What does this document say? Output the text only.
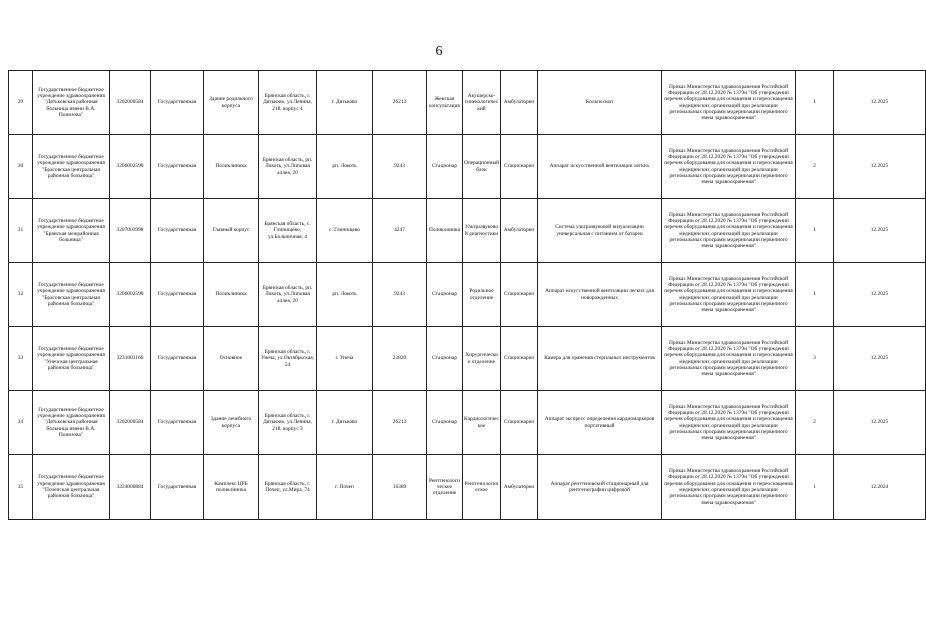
6
29	Государственное бюджетное учреждение здравоохранения "Дятьковская районная больница имени В.А. Понизова"	3202000584	Государственная	Здание родильного корпуса	Брянская область, г. Дятьково, ул.Ленина, 218, корпус 4	г. Дятьково	26213	Женская консультация	Акушерско-гинекологический	Амбулаторно	Кольпоскоп	Приказ Министерства здравоохранения Российской Федерации от 28.12.2020 № 1379н "Об утверждении перечня оборудования для оснащения и переоснащения медицинских организаций при реализации региональных программ модернизации первичного звена здравоохранения"	1	12.2025
30	Государственное бюджетное учреждение здравоохранения "Брасовская центральная районная больница"	3206002590	Государственная	Поликлиника	Брянская область, рп. Локоть, ул.Липовая аллея, 20	рп. Локоть	9243	Стационар	Операционный блок	Стационарно	Аппарат искусственной вентиляции легких	Приказ Министерства здравоохранения Российской Федерации от 28.12.2020 № 1379н "Об утверждении перечня оборудования для оснащения и переоснащения медицинских организаций при реализации региональных программ модернизации первичного звена здравоохранения"	2	12.2025
31	Государственное бюджетное учреждение здравоохранения "Брянская межрайонная больница"	3207003998	Государственная	Главный корпус	Брянская область, с. Глинищево, ул.Больничная, 4	с. Глинищево	4247	Поликлиника	Ультразвуковой диагностики	Амбулаторно	Система ультразвуковой визуализации универсальная с питанием от батареи	Приказ Министерства здравоохранения Российской Федерации от 28.12.2020 № 1379н "Об утверждении перечня оборудования для оснащения и переоснащения медицинских организаций при реализации региональных программ модернизации первичного звена здравоохранения"	1	12.2025
32	Государственное бюджетное учреждение здравоохранения "Брасовская центральная районная больница"	3206002590	Государственная	Поликлиника	Брянская область, рп. Локоть, ул.Липовая аллея, 20	рп. Локоть	9243	Стационар	Родильное отделение	Стационарно	Аппарат искусственной вентиляции легких для новорожденных	Приказ Министерства здравоохранения Российской Федерации от 28.12.2020 № 1379н "Об утверждении перечня оборудования для оснащения и переоснащения медицинских организаций при реализации региональных программ модернизации первичного звена здравоохранения"	1	12.2025
33	Государственное бюджетное учреждение здравоохранения "Унечская центральная районная больница"	3231001166	Государственная	Основное	Брянская область, г. Унеча, ул.Октябрьская, 54	г. Унеча	22820	Стационар	Хирургическое отделение	Стационарно	Камера для хранения стерильных инструментов	Приказ Министерства здравоохранения Российской Федерации от 28.12.2020 № 1379н "Об утверждении перечня оборудования для оснащения и переоснащения медицинских организаций при реализации региональных программ модернизации первичного звена здравоохранения"	3	12.2025
34	Государственное бюджетное учреждение здравоохранения "Дятьковская районная больница имени В.А. Понизова"	3202000584	Государственная	Здание лечебного корпуса	Брянская область, г. Дятьково, ул.Ленина, 218, корпус 3	г. Дятьково	26213	Стационар	Кардиологическое	Стационарно	Аппарат экспресс определения кардиомаркеров портативный	Приказ Министерства здравоохранения Российской Федерации от 28.12.2020 № 1379н "Об утверждении перечня оборудования для оснащения и переоснащения медицинских организаций при реализации региональных программ модернизации первичного звена здравоохранения"	2	12.2025
35	Государственное бюджетное учреждение здравоохранения "Почепская центральная районная больница"	3224000884	Государственная	Комплекс ЦРБ поликлиника	Брянская область, г. Почеп, ул.Мира, 74	г. Почеп	16389	Рентгенологическое отделение	Рентгенологическое	Амбулаторно	Аппарат рентгеновский стационарный для рентгенографии цифровой	Приказ Министерства здравоохранения Российской Федерации от 28.12.2020 № 1379н "Об утверждении перечня оборудования для оснащения и переоснащения медицинских организаций при реализации региональных программ модернизации первичного звена здравоохранения"	1	12.2024
